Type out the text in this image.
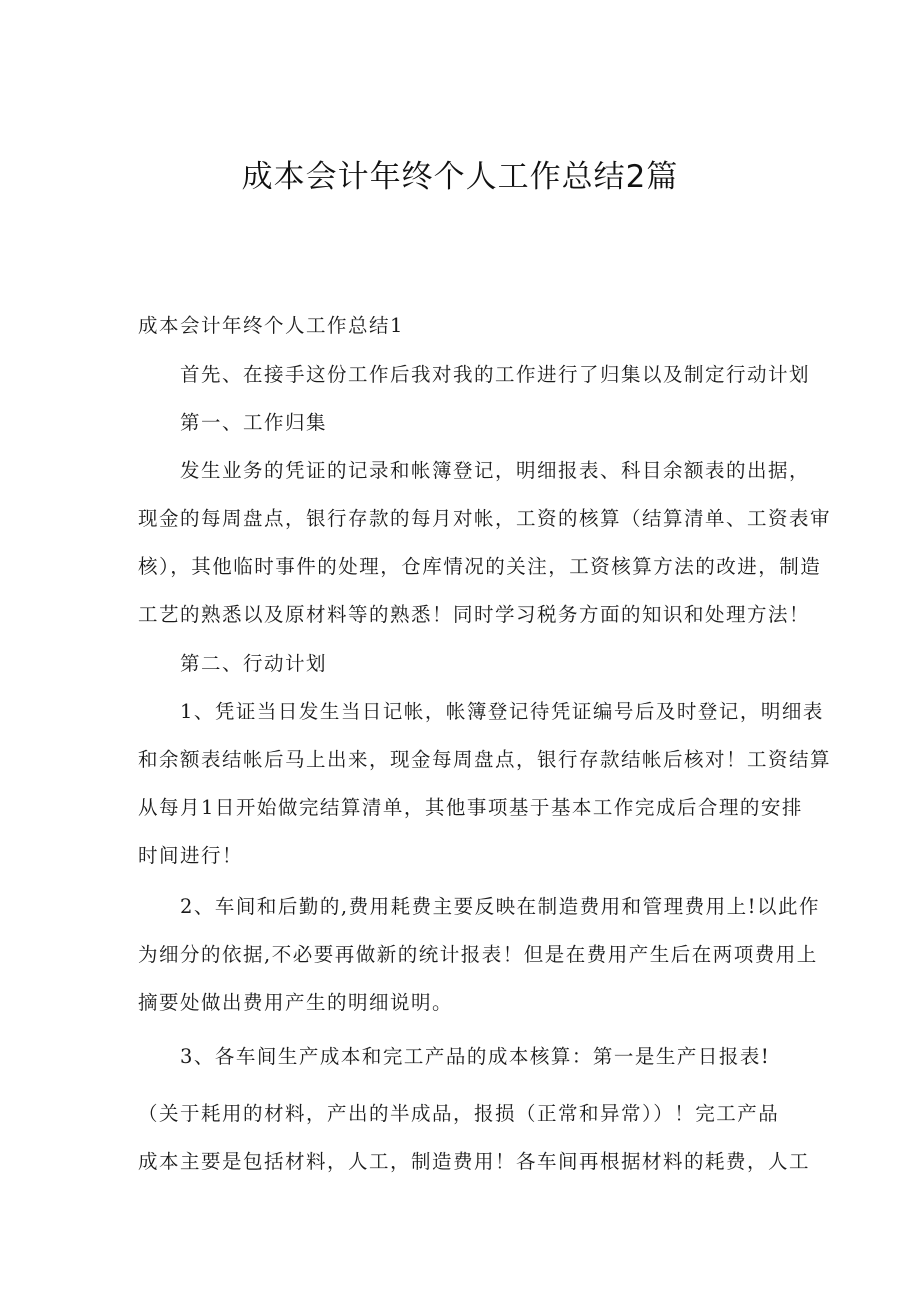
成本会计年终个人工作总结2篇

成本会计年终个人工作总结1

首先、在接手这份工作后我对我的工作进行了归集以及制定行动计划

第一、工作归集

发生业务的凭证的记录和帐簿登记，明细报表、科目余额表的出据，

现金的每周盘点，银行存款的每月对帐，工资的核算（结算清单、工资表审

核），其他临时事件的处理，仓库情况的关注，工资核算方法的改进，制造

工艺的熟悉以及原材料等的熟悉！同时学习税务方面的知识和处理方法！

第二、行动计划

1、凭证当日发生当日记帐，帐簿登记待凭证编号后及时登记，明细表

和余额表结帐后马上出来，现金每周盘点，银行存款结帐后核对！工资结算

从每月1日开始做完结算清单，其他事项基于基本工作完成后合理的安排

时间进行！

2、车间和后勤的,费用耗费主要反映在制造费用和管理费用上!以此作

为细分的依据,不必要再做新的统计报表！但是在费用产生后在两项费用上

摘要处做出费用产生的明细说明。

3、各车间生产成本和完工产品的成本核算：第一是生产日报表!

（关于耗用的材料，产出的半成品，报损（正常和异常））！完工产品

成本主要是包括材料，人工，制造费用！各车间再根据材料的耗费，人工
